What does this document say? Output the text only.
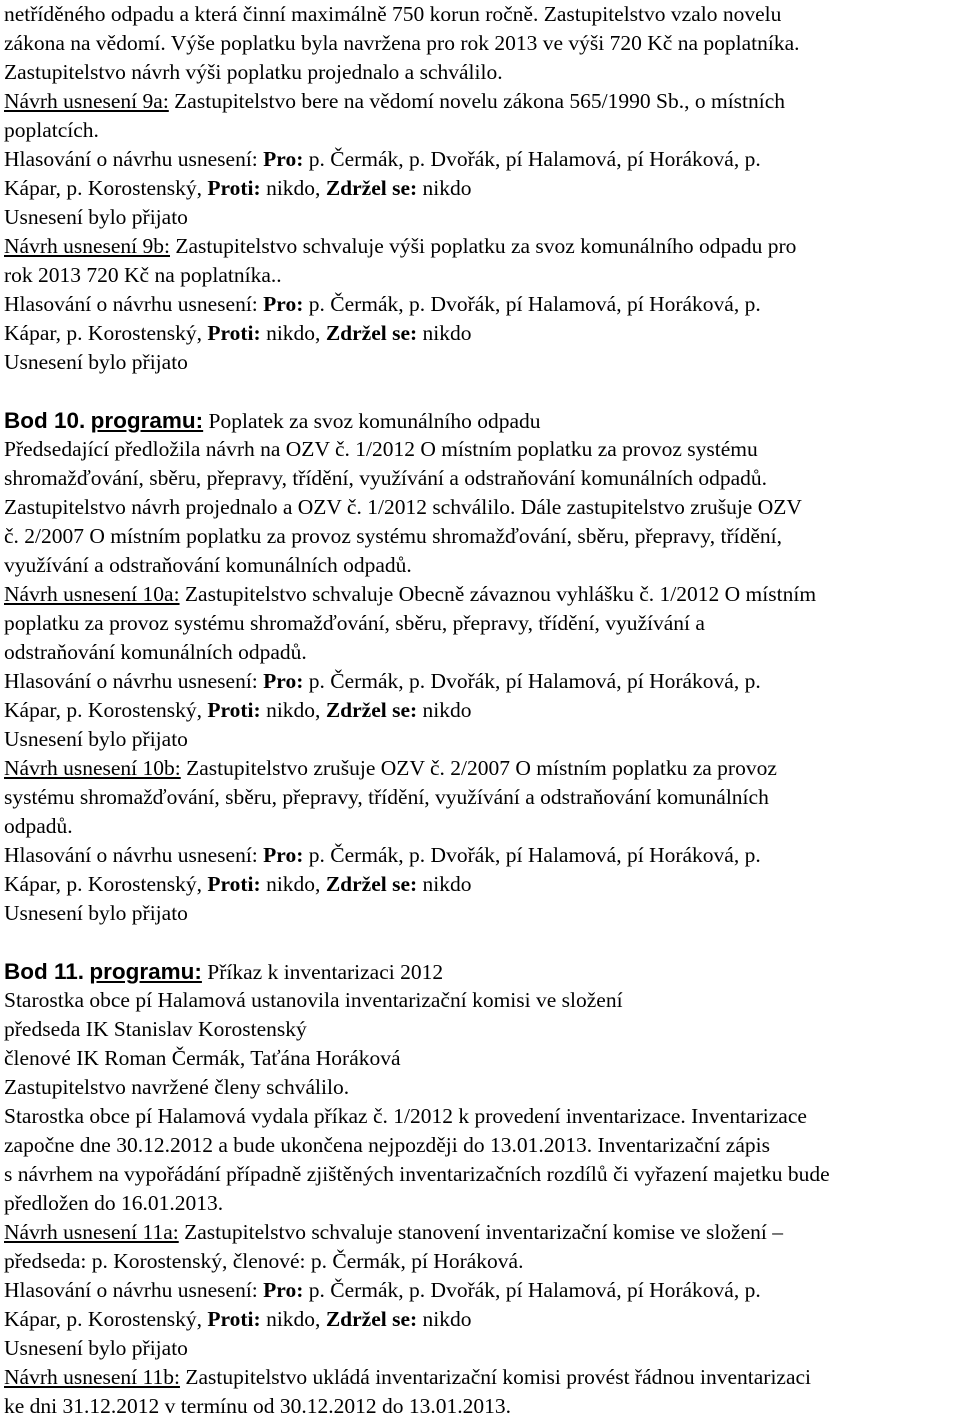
netříděného odpadu a která činní maximálně 750 korun ročně. Zastupitelstvo vzalo novelu
zákona na vědomí. Výše poplatku byla navržena pro rok 2013 ve výši 720 Kč na poplatníka.
Zastupitelstvo návrh výši poplatku projednalo a schválilo.
Návrh usnesení 9a: Zastupitelstvo bere na vědomí novelu zákona 565/1990 Sb., o místních
poplatcích.
Hlasování o návrhu usnesení: Pro: p. Čermák, p. Dvořák, pí Halamová, pí Horáková, p.
Kápar, p. Korostenský, Proti: nikdo, Zdržel se: nikdo
Usnesení bylo přijato
Návrh usnesení 9b: Zastupitelstvo schvaluje výši poplatku za svoz komunálního odpadu pro
rok 2013 720 Kč na poplatníka..
Hlasování o návrhu usnesení: Pro: p. Čermák, p. Dvořák, pí Halamová, pí Horáková, p.
Kápar, p. Korostenský, Proti: nikdo, Zdržel se: nikdo
Usnesení bylo přijato
Bod 10. programu: Poplatek za svoz komunálního odpadu
Předsedající předložila návrh na OZV č. 1/2012 O místním poplatku za provoz systému
shromažďování, sběru, přepravy, třídění, využívání a odstraňování komunálních odpadů.
Zastupitelstvo návrh projednalo a OZV č. 1/2012 schválilo. Dále zastupitelstvo zrušuje OZV
č. 2/2007 O místním poplatku za provoz systému shromažďování, sběru, přepravy, třídění,
využívání a odstraňování komunálních odpadů.
Návrh usnesení 10a: Zastupitelstvo schvaluje Obecně závaznou vyhlášku č. 1/2012 O místním
poplatku za provoz systému shromažďování, sběru, přepravy, třídění, využívání a
odstraňování komunálních odpadů.
Hlasování o návrhu usnesení: Pro: p. Čermák, p. Dvořák, pí Halamová, pí Horáková, p.
Kápar, p. Korostenský, Proti: nikdo, Zdržel se: nikdo
Usnesení bylo přijato
Návrh usnesení 10b: Zastupitelstvo zrušuje OZV č. 2/2007 O místním poplatku za provoz
systému shromažďování, sběru, přepravy, třídění, využívání a odstraňování komunálních
odpadů.
Hlasování o návrhu usnesení: Pro: p. Čermák, p. Dvořák, pí Halamová, pí Horáková, p.
Kápar, p. Korostenský, Proti: nikdo, Zdržel se: nikdo
Usnesení bylo přijato
Bod 11. programu: Příkaz k inventarizaci 2012
Starostka obce pí Halamová ustanovila inventarizační komisi ve složení
předseda IK Stanislav Korostenský
členové IK Roman Čermák, Taťána Horáková
Zastupitelstvo navržené členy schválilo.
Starostka obce pí Halamová vydala příkaz č. 1/2012 k provedení inventarizace. Inventarizace
započne dne 30.12.2012 a bude ukončena nejpozději do 13.01.2013. Inventarizační zápis
s návrhem na vypořádání případně zjištěných inventarizačních rozdílů či vyřazení majetku bude
předložen do 16.01.2013.
Návrh usnesení 11a: Zastupitelstvo schvaluje stanovení inventarizační komise ve složení –
předseda: p. Korostenský, členové: p. Čermák, pí Horáková.
Hlasování o návrhu usnesení: Pro: p. Čermák, p. Dvořák, pí Halamová, pí Horáková, p.
Kápar, p. Korostenský, Proti: nikdo, Zdržel se: nikdo
Usnesení bylo přijato
Návrh usnesení 11b: Zastupitelstvo ukládá inventarizační komisi provést řádnou inventarizaci
ke dni 31.12.2012 v termínu od 30.12.2012 do 13.01.2013.
